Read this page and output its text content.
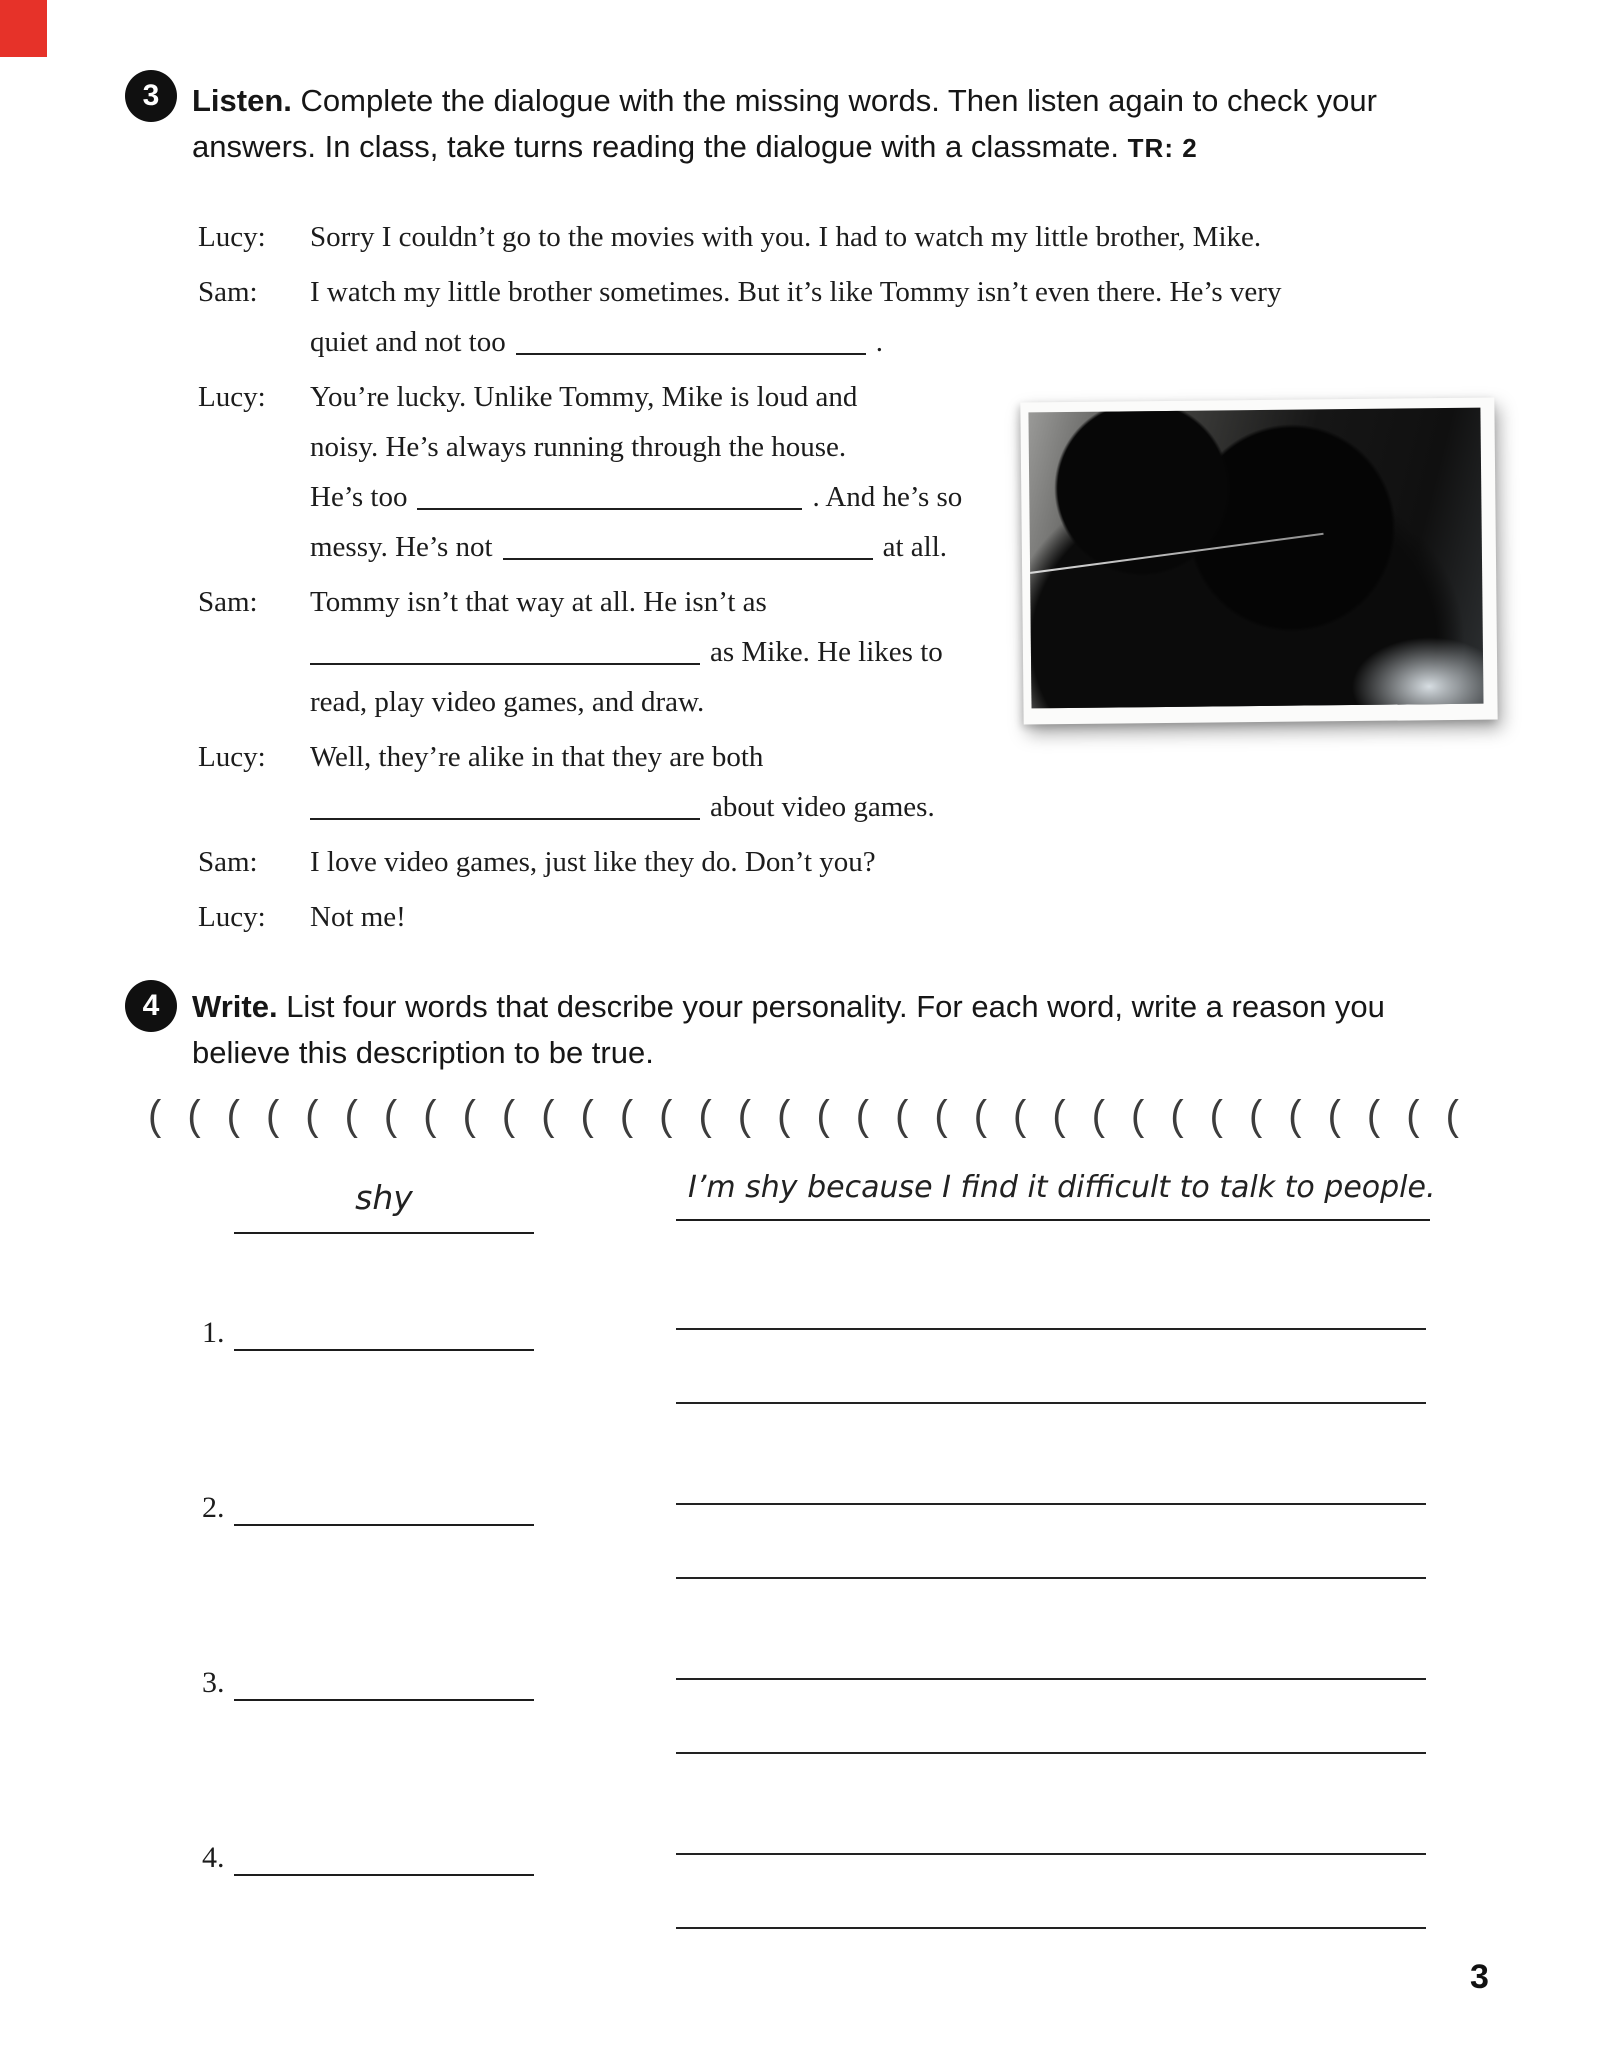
3 Listen. Complete the dialogue with the missing words. Then listen again to check your
answers. In class, take turns reading the dialogue with a classmate. TR: 2
Lucy:	Sorry I couldn’t go to the movies with you. I had to watch my little brother, Mike.
Sam:	I watch my little brother sometimes. But it’s like Tommy isn’t even there. He’s very
quiet and not too	.
Lucy:	You’re lucky. Unlike Tommy, Mike is loud and
noisy. He’s always running through the house.
He’s too	. And he’s so
messy. He’s not	at all.
Sam:	Tommy isn’t that way at all. He isn’t as
as Mike. He likes to
read, play video games, and draw.
Lucy:	Well, they’re alike in that they are both
about video games.
Sam:	I love video games, just like they do. Don’t you?
Lucy:	Not me!
4 Write. List four words that describe your personality. For each word, write a reason you
believe this description to be true.
((((((((((((((((((((((((((((((((((
shy	I’m shy because I find it difficult to talk to people.
1.
2.
3.
4.
3
